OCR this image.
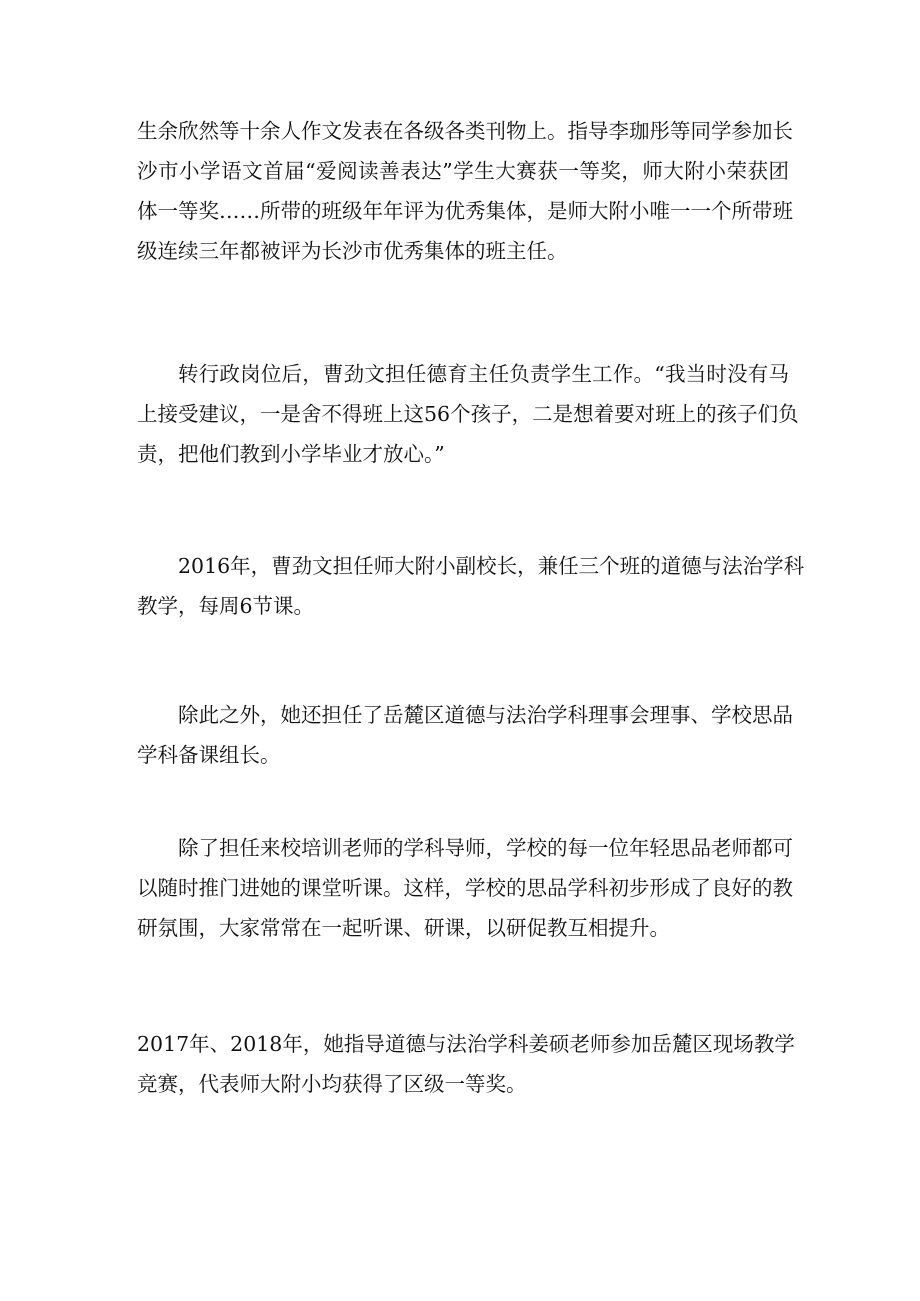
生余欣然等十余人作文发表在各级各类刊物上。指导李珈彤等同学参加长
沙市小学语文首届“爱阅读善表达”学生大赛获一等奖，师大附小荣获团
体一等奖……所带的班级年年评为优秀集体，是师大附小唯一一个所带班
级连续三年都被评为长沙市优秀集体的班主任。
转行政岗位后，曹劲文担任德育主任负责学生工作。“我当时没有马
上接受建议，一是舍不得班上这56个孩子，二是想着要对班上的孩子们负
责，把他们教到小学毕业才放心。”
2016年，曹劲文担任师大附小副校长，兼任三个班的道德与法治学科
教学，每周6节课。
除此之外，她还担任了岳麓区道德与法治学科理事会理事、学校思品
学科备课组长。
除了担任来校培训老师的学科导师，学校的每一位年轻思品老师都可
以随时推门进她的课堂听课。这样，学校的思品学科初步形成了良好的教
研氛围，大家常常在一起听课、研课，以研促教互相提升。
2017年、2018年，她指导道德与法治学科姜硕老师参加岳麓区现场教学
竞赛，代表师大附小均获得了区级一等奖。
